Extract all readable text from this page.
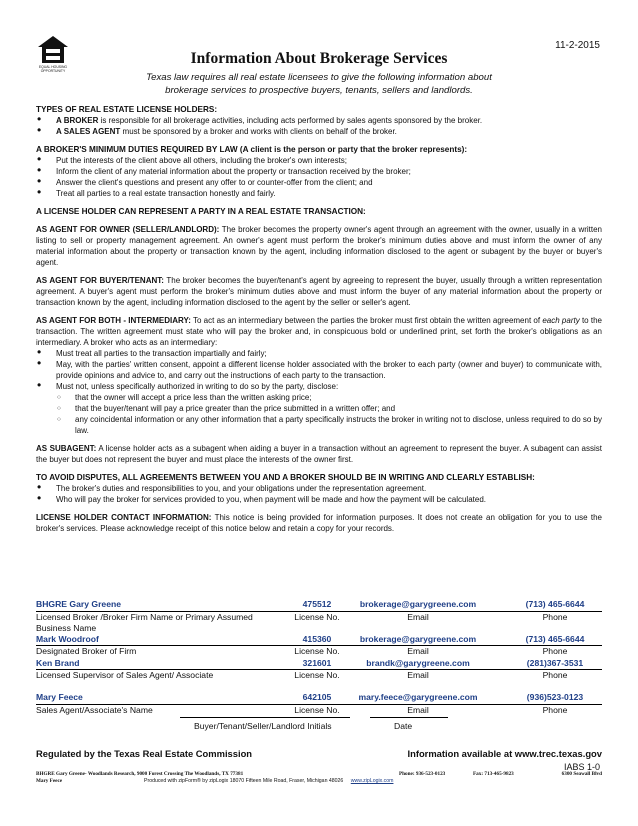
EQUAL HOUSING OPPORTUNITY
11-2-2015
Information About Brokerage Services
Texas law requires all real estate licensees to give the following information about
brokerage services to prospective buyers, tenants, sellers and landlords.

TYPES OF REAL ESTATE LICENSE HOLDERS:

• A BROKER is responsible for all brokerage activities, including acts performed by sales agents sponsored by the broker.
• A SALES AGENT must be sponsored by a broker and works with clients on behalf of the broker.

A BROKER'S MINIMUM DUTIES REQUIRED BY LAW (A client is the person or party that the broker represents):

• Put the interests of the client above all others, including the broker's own interests;
• Inform the client of any material information about the property or transaction received by the broker;
• Answer the client's questions and present any offer to or counter-offer from the client; and
• Treat all parties to a real estate transaction honestly and fairly.

A LICENSE HOLDER CAN REPRESENT A PARTY IN A REAL ESTATE TRANSACTION:

AS AGENT FOR OWNER (SELLER/LANDLORD): The broker becomes the property owner's agent through an agreement with the owner, usually in a written listing to sell or property management agreement. An owner's agent must perform the broker's minimum duties above and must inform the owner of any material information about the property or transaction known by the agent, including information disclosed to the agent or subagent by the buyer or buyer's agent.

AS AGENT FOR BUYER/TENANT: The broker becomes the buyer/tenant's agent by agreeing to represent the buyer, usually through a written representation agreement. A buyer's agent must perform the broker's minimum duties above and must inform the buyer of any material information about the property or transaction known by the agent, including information disclosed to the agent by the seller or seller's agent.

AS AGENT FOR BOTH - INTERMEDIARY: To act as an intermediary between the parties the broker must first obtain the written agreement of each party to the transaction. The written agreement must state who will pay the broker and, in conspicuous bold or underlined print, set forth the broker's obligations as an intermediary. A broker who acts as an intermediary:

• Must treat all parties to the transaction impartially and fairly;
• May, with the parties' written consent, appoint a different license holder associated with the broker to each party (owner and buyer) to communicate with, provide opinions and advice to, and carry out the instructions of each party to the transaction.
• Must not, unless specifically authorized in writing to do so by the party, disclose:
○ that the owner will accept a price less than the written asking price;
○ that the buyer/tenant will pay a price greater than the price submitted in a written offer; and
○ any coincidental information or any other information that a party specifically instructs the broker in writing not to disclose, unless required to do so by law.

AS SUBAGENT: A license holder acts as a subagent when aiding a buyer in a transaction without an agreement to represent the buyer. A subagent can assist the buyer but does not represent the buyer and must place the interests of the owner first.

TO AVOID DISPUTES, ALL AGREEMENTS BETWEEN YOU AND A BROKER SHOULD BE IN WRITING AND CLEARLY ESTABLISH:

• The broker's duties and responsibilities to you, and your obligations under the representation agreement.
• Who will pay the broker for services provided to you, when payment will be made and how the payment will be calculated.

LICENSE HOLDER CONTACT INFORMATION: This notice is being provided for information purposes. It does not create an obligation for you to use the broker's services. Please acknowledge receipt of this notice below and retain a copy for your records.

BHGRE Gary Greene	475512	brokerage@garygreene.com	(713) 465-6644
Licensed Broker /Broker Firm Name or Primary Assumed Business Name
License No.	Email	Phone
Mark Woodroof	415360	brokerage@garygreene.com	(713) 465-6644
Designated Broker of Firm	License No.	Email	Phone
Ken Brand	321601	brandk@garygreene.com	(281)367-3531
Licensed Supervisor of Sales Agent/ Associate	License No.	Email	Phone
Mary Feece	642105	mary.feece@garygreene.com	(936)523-0123
Sales Agent/Associate's Name	License No.	Email	Phone
Buyer/Tenant/Seller/Landlord Initials	Date
Regulated by the Texas Real Estate Commission	Information available at www.trec.texas.gov
IABS 1-0
BHGRE Gary Greene- Woodlands Research, 9000 Forest Crossing The Woodlands, TX 77381	Phone: 936-523-0123	Fax: 713-465-9823	6300 Seawall Blvd
Mary Feece	Produced with zipForm® by zipLogix 18070 Fifteen Mile Road, Fraser, Michigan 48026 www.zipLogix.com
